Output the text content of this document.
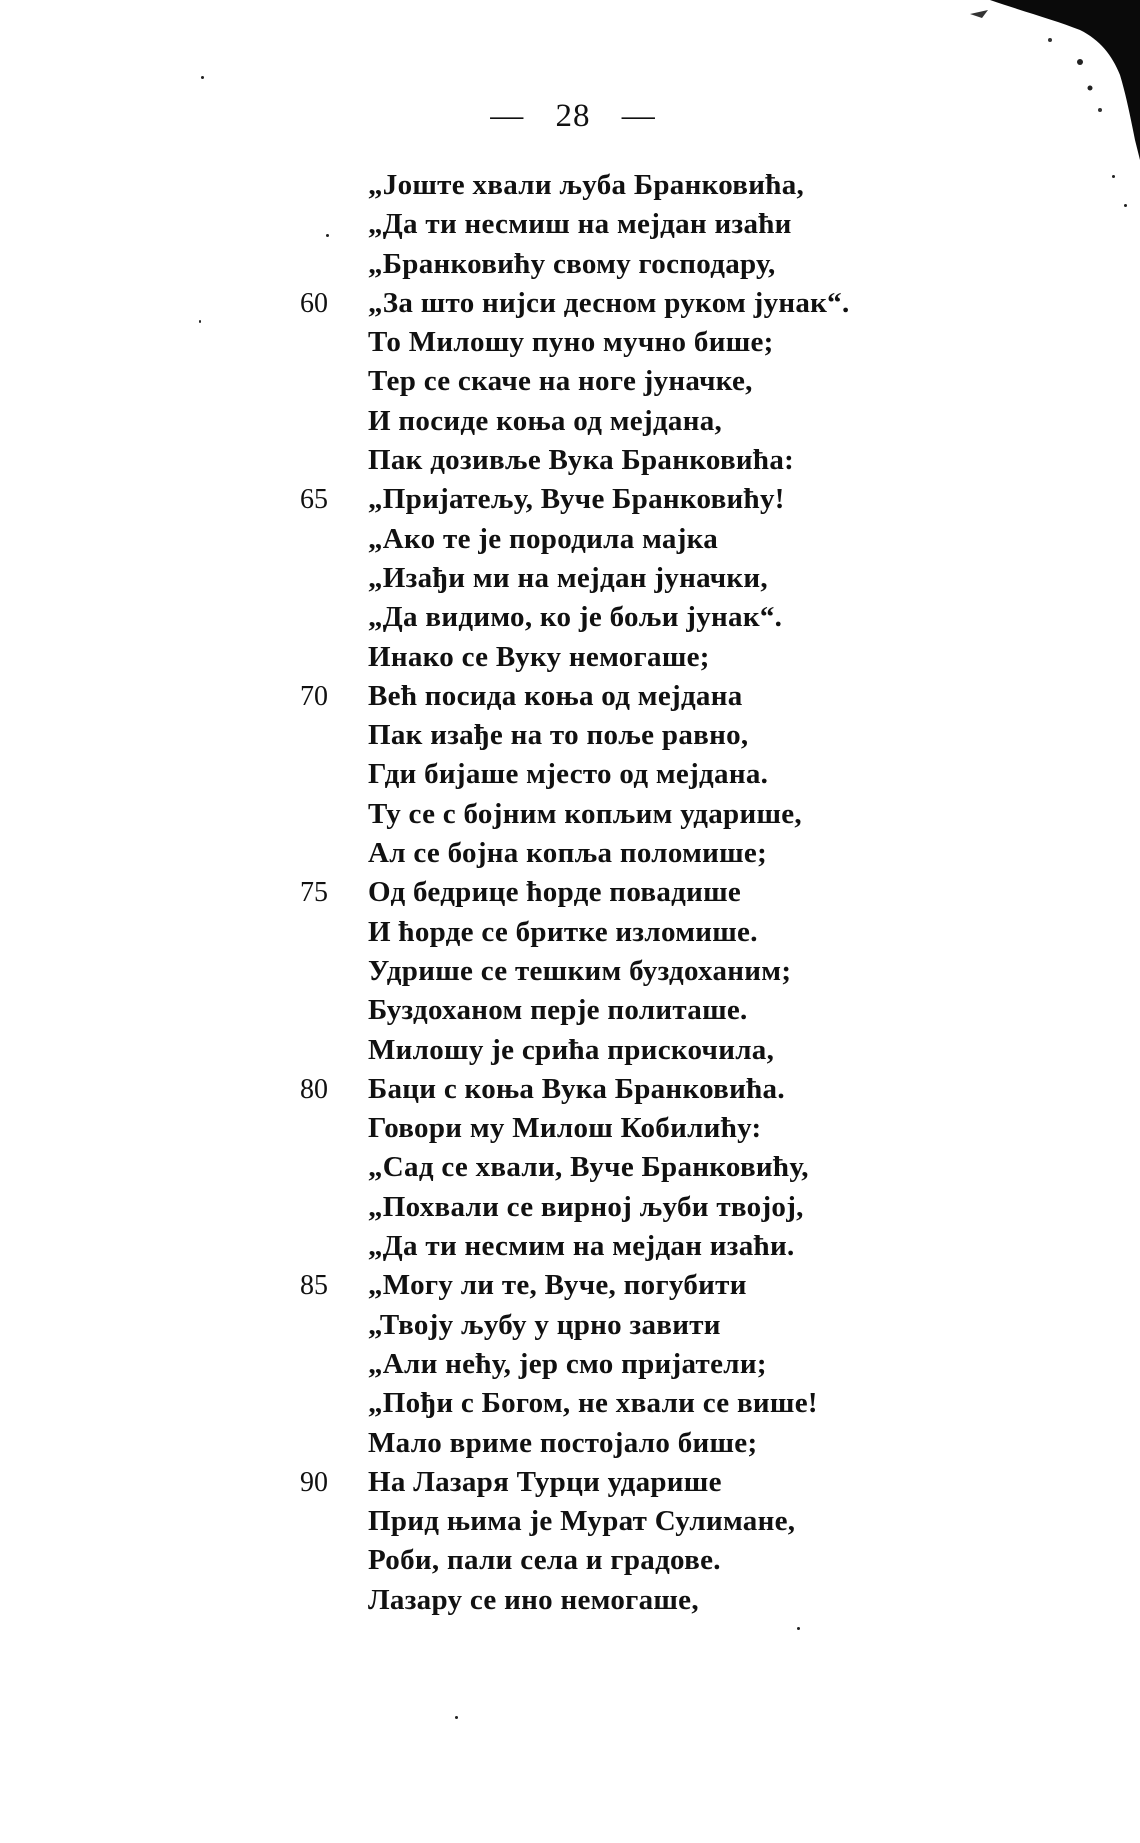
— 28 —
„Јоште хвали љуба Бранковића,
„Да ти несмиш на мејдан изаћи
„Бранковићу свому господару,
60	„За што нијси десном руком јунак“.
То Милошу пуно мучно бише;
Тер се скаче на ноге јуначке,
И посиде коња од мејдана,
Пак дозивље Вука Бранковића:
65	„Пријатељу, Вуче Бранковићу!
„Ако те је породила мајка
„Изађи ми на мејдан јуначки,
„Да видимо, ко је бољи јунак“.
Инако се Вуку немогаше;
70	Већ посида коња од мејдана
Пак изађе на то поље равно,
Гди бијаше мјесто од мејдана.
Ту се с бојним копљим ударише,
Ал се бојна копља поломише;
75	Од бедрице ћорде повадише
И ћорде се бритке изломише.
Удрише се тешким буздоханим;
Буздоханом перје политаше.
Милошу је срића прискочила,
80	Баци с коња Вука Бранковића.
Говори му Милош Кобилићу:
„Сад се хвали, Вуче Бранковићу,
„Похвали се вирној љуби твојој,
„Да ти несмим на мејдан изаћи.
85	„Могу ли те, Вуче, погубити
„Твоју љубу у црно завити
„Али нећу, јер смо пријатели;
„Пођи с Богом, не хвали се више!
Мало вриме постојало бише;
90	На Лазаря Турци ударише
Прид њима је Мурат Сулимане,
Роби, пали села и градове.
Лазару се ино немогаше,
